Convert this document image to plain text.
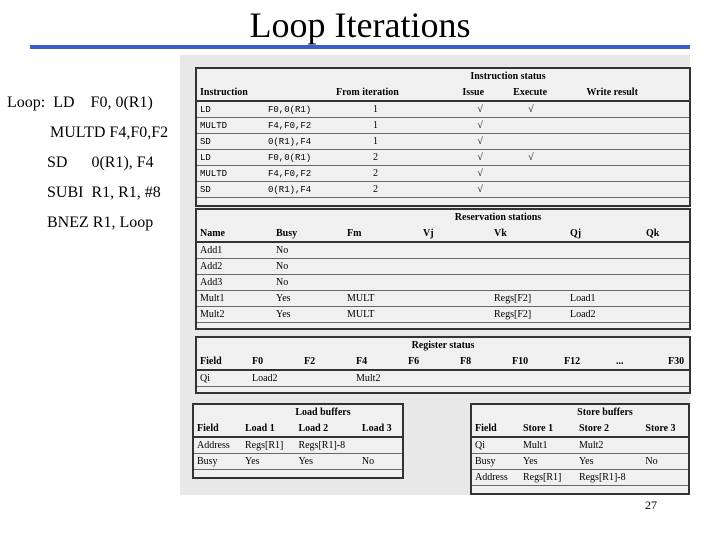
Loop Iterations
Loop:  LD    F0, 0(R1)
MULTD F4,F0,F2
SD      0(R1), F4
SUBI  R1, R1, #8
BNEZ R1, Loop
Instruction status
Instruction		From iteration	Issue	Execute	Write result
LD	F0,0(R1)	1	√	√	
MULTD	F4,F0,F2	1	√		
SD	0(R1),F4	1	√		
LD	F0,0(R1)	2	√	√	
MULTD	F4,F0,F2	2	√		
SD	0(R1),F4	2	√		
Reservation stations
Name	Busy	Fm	Vj	Vk	Qj	Qk
Add1	No					
Add2	No					
Add3	No					
Mult1	Yes	MULT		Regs[F2]	Load1	
Mult2	Yes	MULT		Regs[F2]	Load2	
Register status
Field	F0	F2	F4	F6	F8	F10	F12	...	F30
Qi	Load2		Mult2						
Load buffers
Field	Load 1	Load 2	Load 3
Address	Regs[R1]	Regs[R1]-8	
Busy	Yes	Yes	No
Store buffers
Field	Store 1	Store 2	Store 3
Qi	Mult1	Mult2	
Busy	Yes	Yes	No
Address	Regs[R1]	Regs[R1]-8	
27
